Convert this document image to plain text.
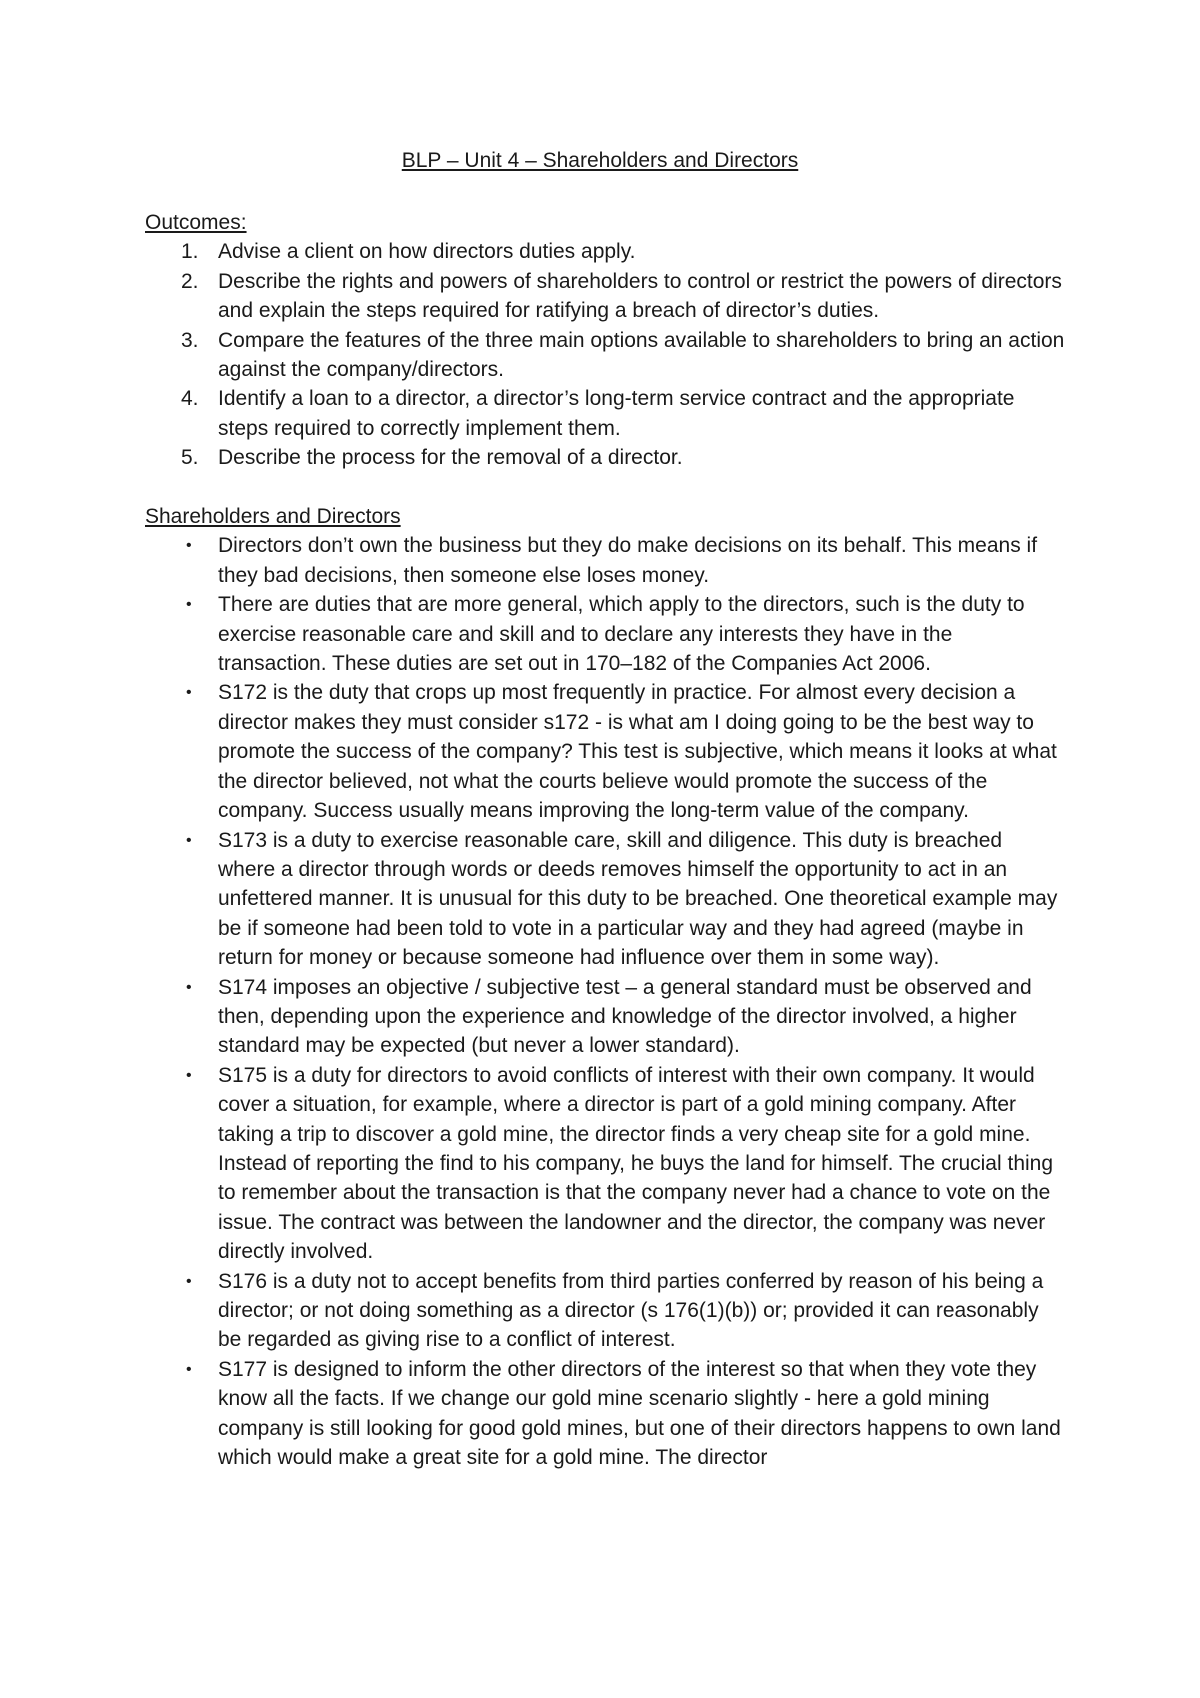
BLP – Unit 4 – Shareholders and Directors
Outcomes:
1. Advise a client on how directors duties apply.
2. Describe the rights and powers of shareholders to control or restrict the powers of directors and explain the steps required for ratifying a breach of director’s duties.
3. Compare the features of the three main options available to shareholders to bring an action against the company/directors.
4. Identify a loan to a director, a director’s long-term service contract and the appropriate steps required to correctly implement them.
5. Describe the process for the removal of a director.
Shareholders and Directors
• Directors don’t own the business but they do make decisions on its behalf. This means if they bad decisions, then someone else loses money.
• There are duties that are more general, which apply to the directors, such is the duty to exercise reasonable care and skill and to declare any interests they have in the transaction. These duties are set out in 170–182 of the Companies Act 2006.
• S172 is the duty that crops up most frequently in practice. For almost every decision a director makes they must consider s172 - is what am I doing going to be the best way to promote the success of the company? This test is subjective, which means it looks at what the director believed, not what the courts believe would promote the success of the company. Success usually means improving the long-term value of the company.
• S173 is a duty to exercise reasonable care, skill and diligence. This duty is breached where a director through words or deeds removes himself the opportunity to act in an unfettered manner. It is unusual for this duty to be breached. One theoretical example may be if someone had been told to vote in a particular way and they had agreed (maybe in return for money or because someone had influence over them in some way).
• S174 imposes an objective / subjective test – a general standard must be observed and then, depending upon the experience and knowledge of the director involved, a higher standard may be expected (but never a lower standard).
• S175 is a duty for directors to avoid conflicts of interest with their own company. It would cover a situation, for example, where a director is part of a gold mining company. After taking a trip to discover a gold mine, the director finds a very cheap site for a gold mine. Instead of reporting the find to his company, he buys the land for himself. The crucial thing to remember about the transaction is that the company never had a chance to vote on the issue. The contract was between the landowner and the director, the company was never directly involved.
• S176 is a duty not to accept benefits from third parties conferred by reason of his being a director; or not doing something as a director (s 176(1)(b)) or; provided it can reasonably be regarded as giving rise to a conflict of interest.
• S177 is designed to inform the other directors of the interest so that when they vote they know all the facts. If we change our gold mine scenario slightly - here a gold mining company is still looking for good gold mines, but one of their directors happens to own land which would make a great site for a gold mine. The director
